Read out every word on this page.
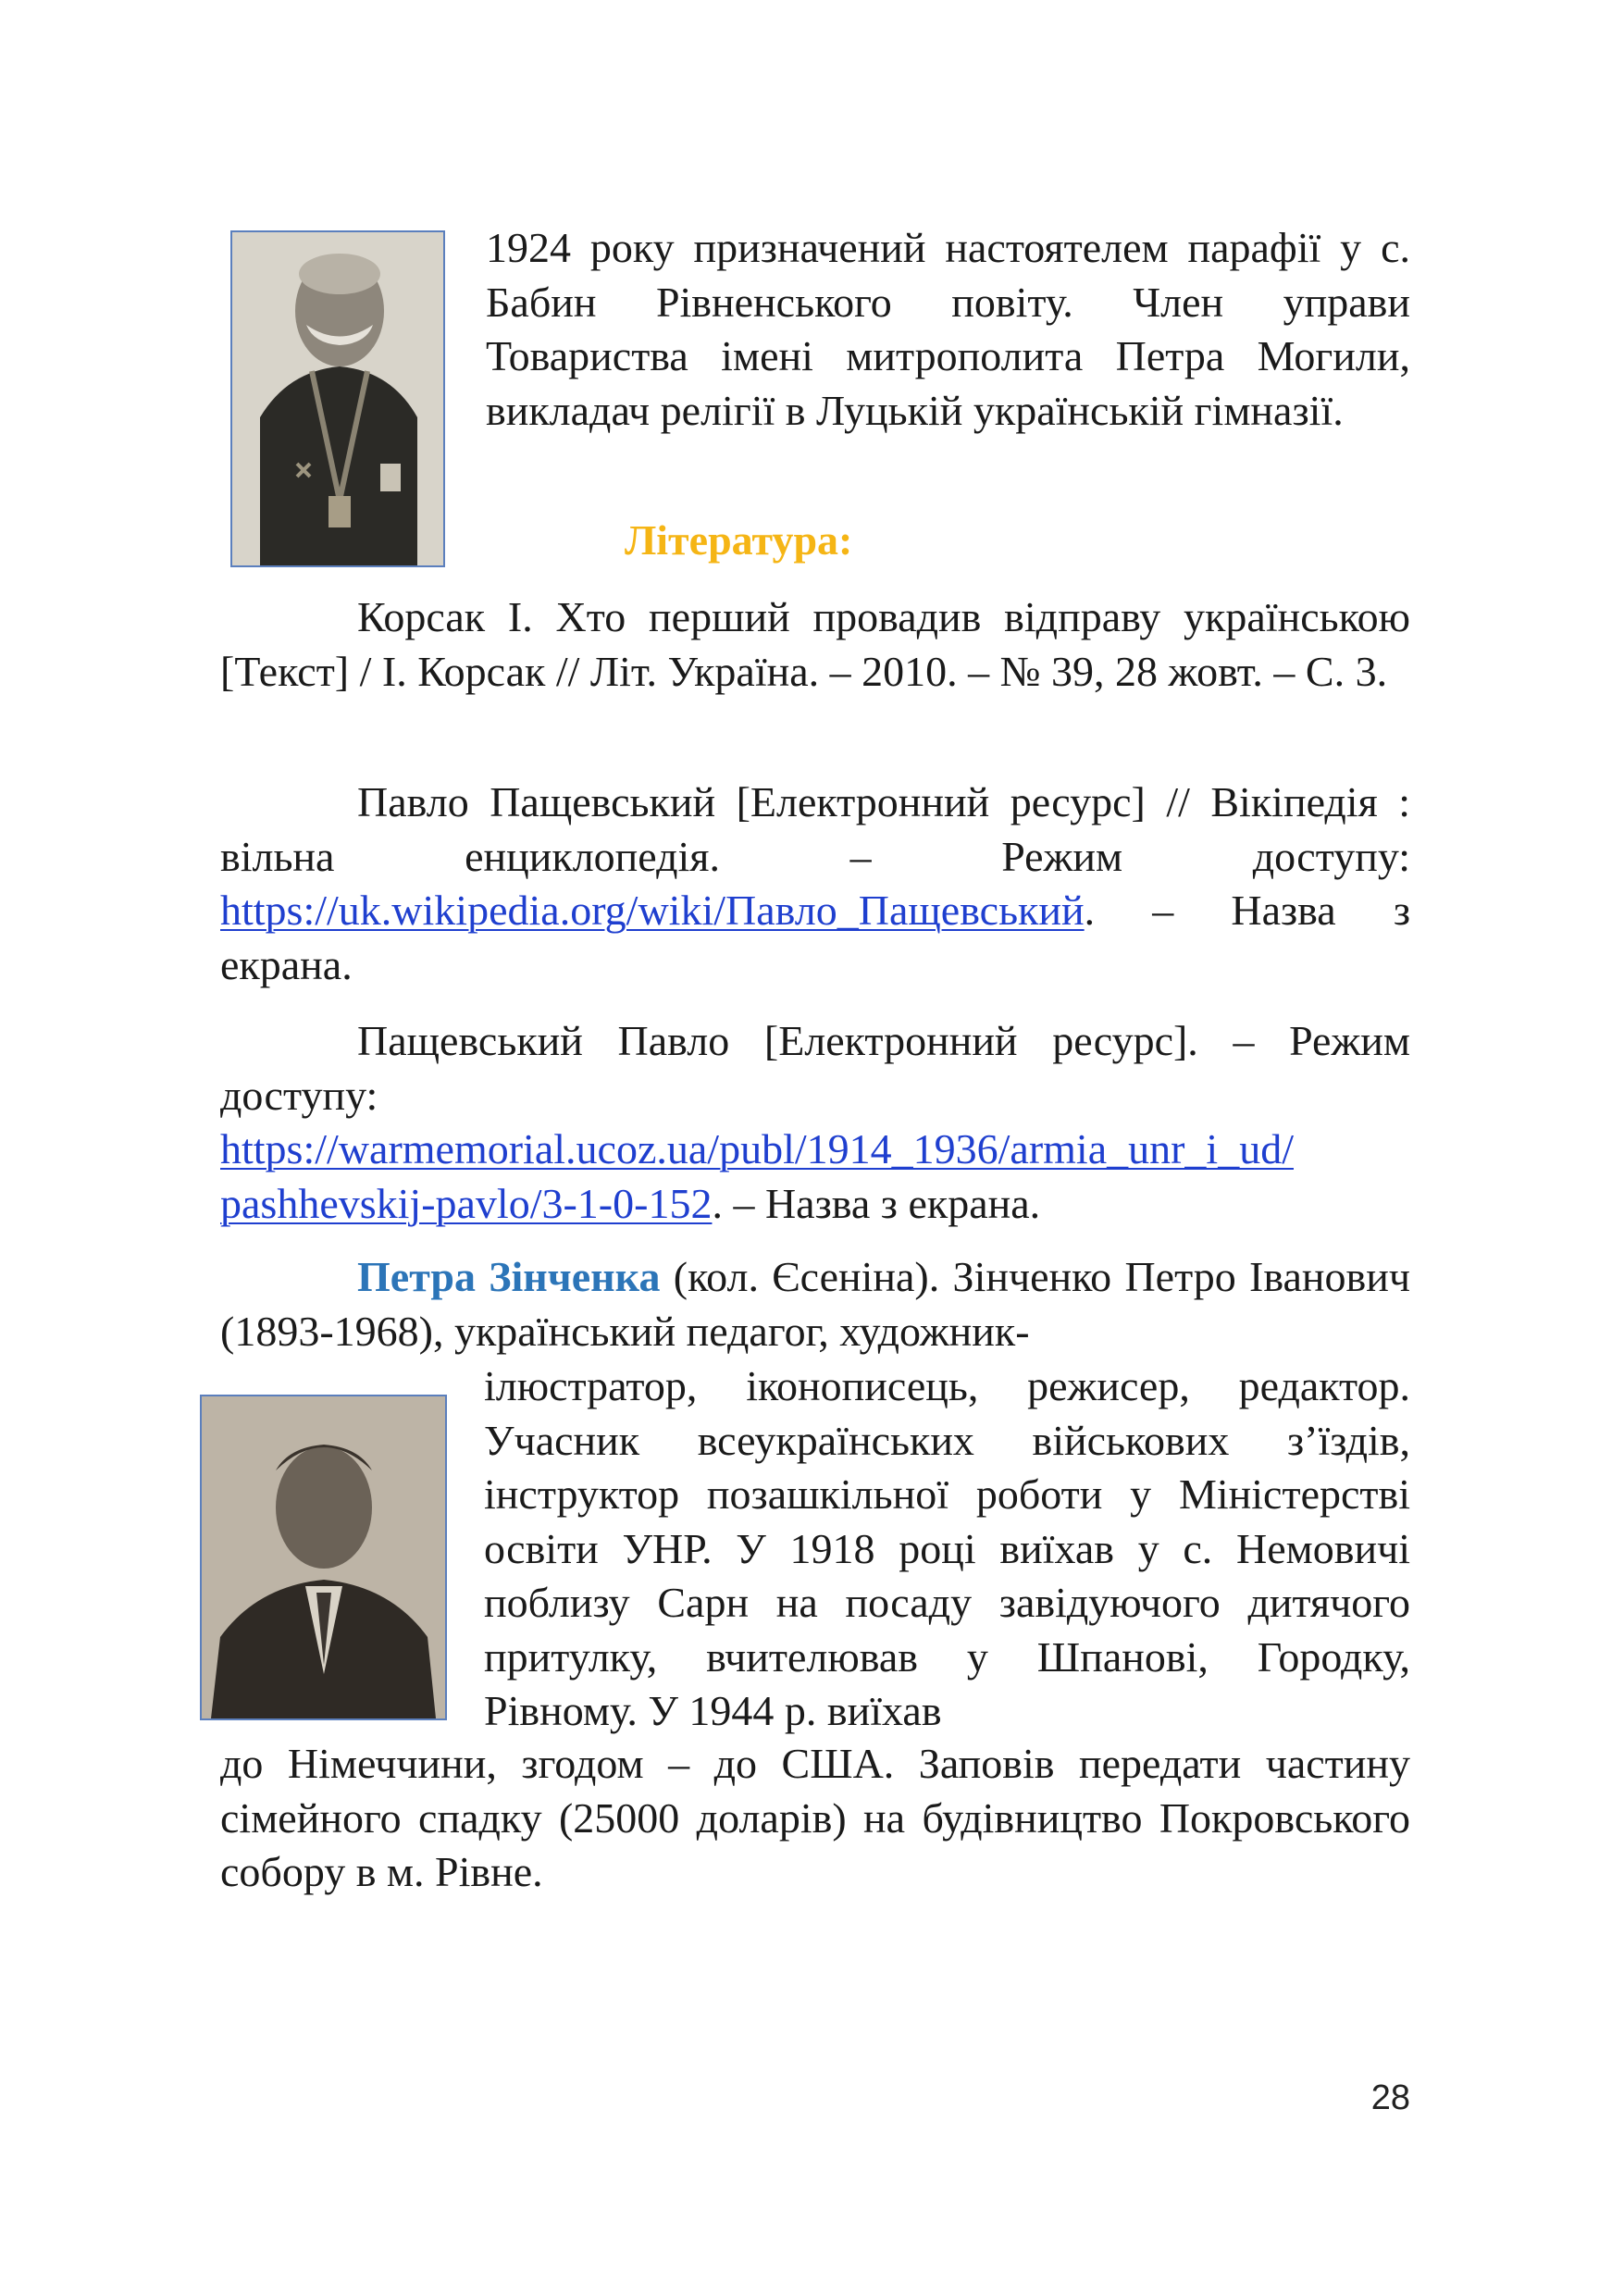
1924 року призначений настоятелем парафії у с. Бабин Рівненського повіту. Член управи Товариства імені митрополита Петра Могили, викладач релігії в Луцькій українській гімназії.

Література:

Корсак І. Хто перший провадив відправу українською [Текст] / І. Корсак // Літ. Україна. – 2010. – № 39, 28 жовт. – С. 3.

Павло Пащевський [Електронний ресурс] // Вікіпедія : вільна енциклопедія. – Режим доступу: https://uk.wikipedia.org/wiki/Павло_Пащевський. – Назва з екрана.

Пащевський Павло [Електронний ресурс]. – Режим доступу: https://warmemorial.ucoz.ua/publ/1914_1936/armia_unr_i_ud/
pashhevskij-pavlo/3-1-0-152. – Назва з екрана.

Петра Зінченка (кол. Єсеніна). Зінченко Петро Іванович (1893-1968), український педагог, художник-

ілюстратор, іконописець, режисер, редактор. Учасник всеукраїнських військових з’їздів, інструктор позашкільної роботи у Міністерстві освіти УНР. У 1918 році виїхав у с. Немовичі поблизу Сарн на посаду завідуючого дитячого притулку, вчителював у Шпанові, Городку, Рівному. У 1944 р. виїхав

до Німеччини, згодом – до США. Заповів передати частину сімейного спадку (25000 доларів) на будівництво Покровського собору в м. Рівне.

28
